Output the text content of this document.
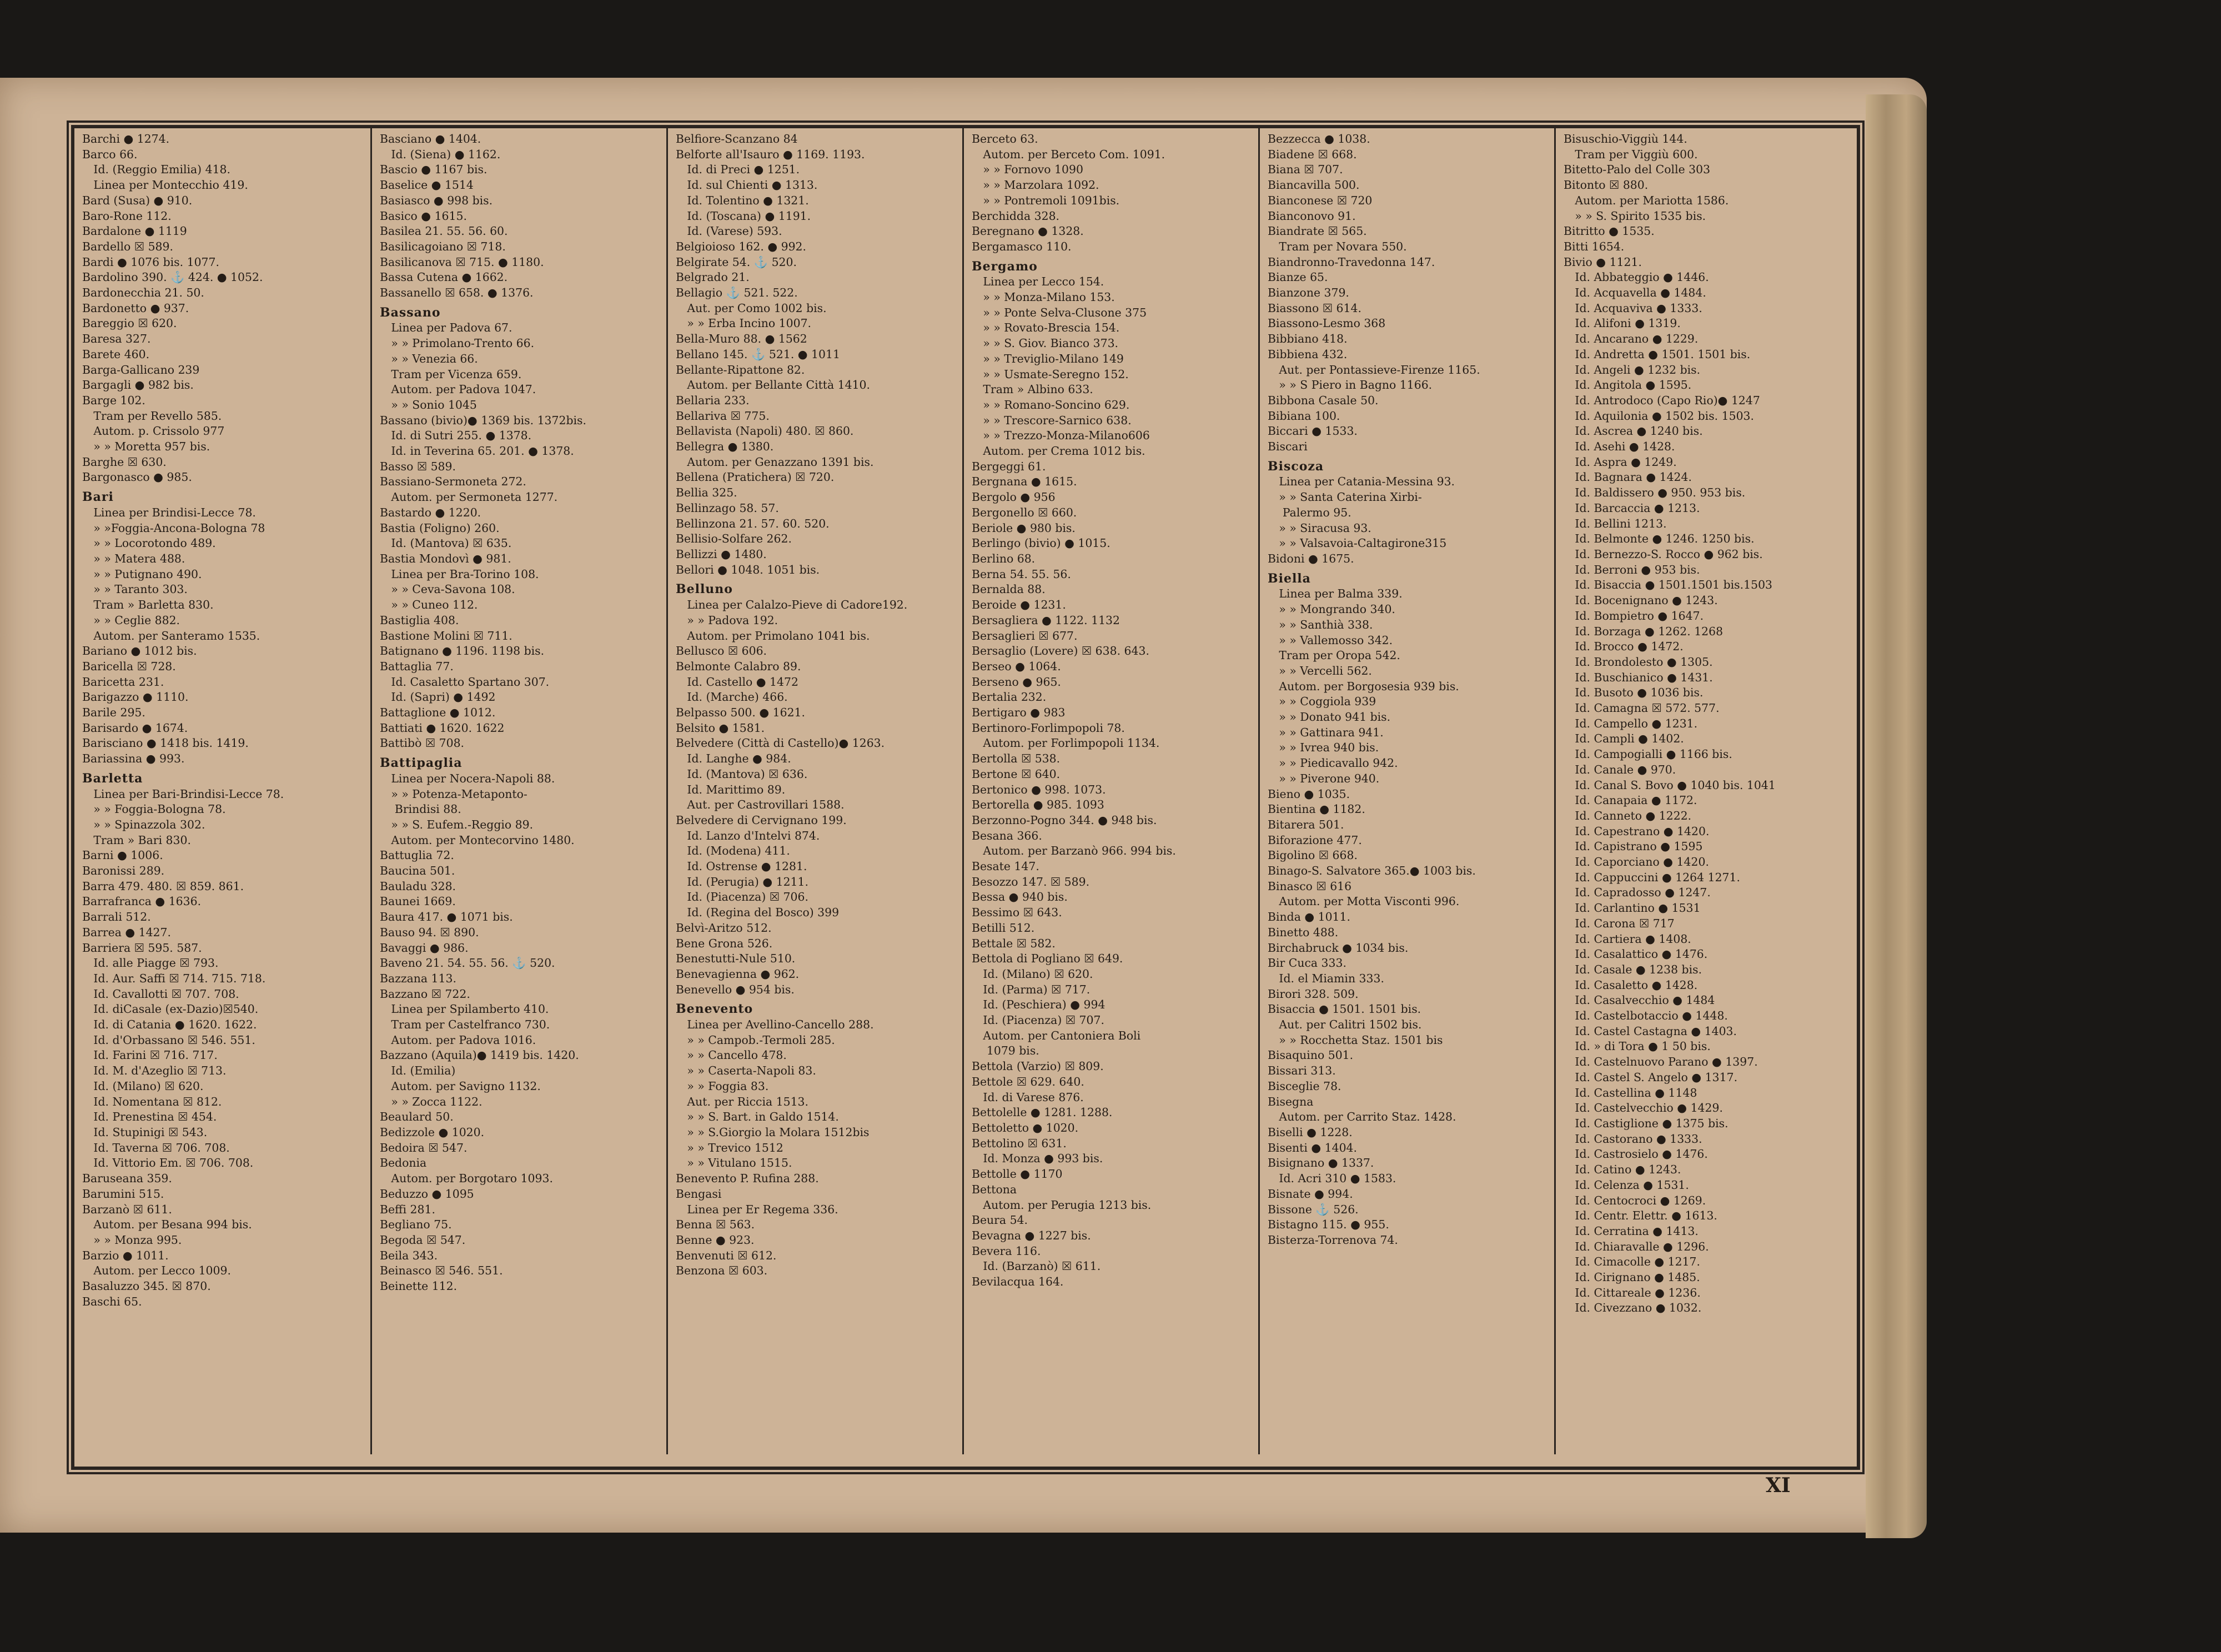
Barchi ● 1274.
Barco 66.
 Id. (Reggio Emilia) 418.
 Linea per Montecchio 419.
Bard (Susa) ● 910.
Baro-Rone 112.
Bardalone ● 1119
Bardello ☒ 589.
Bardi ● 1076 bis. 1077.
Bardolino 390. ⚓ 424. ● 1052.
Bardonecchia 21. 50.
Bardonetto ● 937.
Bareggio ☒ 620.
Baresa 327.
Barete 460.
Barga-Gallicano 239
Bargagli ● 982 bis.
Barge 102.
 Tram per Revello 585.
 Autom. p. Crissolo 977
 » » Moretta 957 bis.
Barghe ☒ 630.
Bargonasco ● 985.
Bari
 Linea per Brindisi-Lecce 78.
 » »Foggia-Ancona-Bologna 78
 » » Locorotondo 489.
 » » Matera 488.
 » » Putignano 490.
 » » Taranto 303.
 Tram » Barletta 830.
 » » Ceglie 882.
 Autom. per Santeramo 1535.
Bariano ● 1012 bis.
Baricella ☒ 728.
Baricetta 231.
Barigazzo ● 1110.
Barile 295.
Barisardo ● 1674.
Barisciano ● 1418 bis. 1419.
Bariassina ● 993.
Barletta
 Linea per Bari-Brindisi-Lecce 78.
 » » Foggia-Bologna 78.
 » » Spinazzola 302.
 Tram » Bari 830.
Barni ● 1006.
Baronissi 289.
Barra 479. 480. ☒ 859. 861.
Barrafranca ● 1636.
Barrali 512.
Barrea ● 1427.
Barriera ☒ 595. 587.
 Id. alle Piagge ☒ 793.
 Id. Aur. Saffi ☒ 714. 715. 718.
 Id. Cavallotti ☒ 707. 708.
 Id. diCasale (ex-Dazio)☒540.
 Id. di Catania ● 1620. 1622.
 Id. d'Orbassano ☒ 546. 551.
 Id. Farini ☒ 716. 717.
 Id. M. d'Azeglio ☒ 713.
 Id. (Milano) ☒ 620.
 Id. Nomentana ☒ 812.
 Id. Prenestina ☒ 454.
 Id. Stupinigi ☒ 543.
 Id. Taverna ☒ 706. 708.
 Id. Vittorio Em. ☒ 706. 708.
Baruseana 359.
Barumini 515.
Barzanò ☒ 611.
 Autom. per Besana 994 bis.
 » » Monza 995.
Barzio ● 1011.
 Autom. per Lecco 1009.
Basaluzzo 345. ☒ 870.
Baschi 65.
Basciano ● 1404.
 Id. (Siena) ● 1162.
Bascio ● 1167 bis.
Baselice ● 1514
Basiasco ● 998 bis.
Basico ● 1615.
Basilea 21. 55. 56. 60.
Basilicagoiano ☒ 718.
Basilicanova ☒ 715. ● 1180.
Bassa Cutena ● 1662.
Bassanello ☒ 658. ● 1376.
Bassano
 Linea per Padova 67.
 » » Primolano-Trento 66.
 » » Venezia 66.
 Tram per Vicenza 659.
 Autom. per Padova 1047.
 » » Sonio 1045
Bassano (bivio)● 1369 bis. 1372bis.
 Id. di Sutri 255. ● 1378.
 Id. in Teverina 65. 201. ● 1378.
Basso ☒ 589.
Bassiano-Sermoneta 272.
 Autom. per Sermoneta 1277.
Bastardo ● 1220.
Bastia (Foligno) 260.
 Id. (Mantova) ☒ 635.
Bastia Mondovì ● 981.
 Linea per Bra-Torino 108.
 » » Ceva-Savona 108.
 » » Cuneo 112.
Bastiglia 408.
Bastione Molini ☒ 711.
Batignano ● 1196. 1198 bis.
Battaglia 77.
 Id. Casaletto Spartano 307.
 Id. (Sapri) ● 1492
Battaglione ● 1012.
Battiati ● 1620. 1622
Battibò ☒ 708.
Battipaglia
 Linea per Nocera-Napoli 88.
 » » Potenza-Metaponto-
  Brindisi 88.
 » » S. Eufem.-Reggio 89.
 Autom. per Montecorvino 1480.
Battuglia 72.
Baucina 501.
Bauladu 328.
Baunei 1669.
Baura 417. ● 1071 bis.
Bauso 94. ☒ 890.
Bavaggi ● 986.
Baveno 21. 54. 55. 56. ⚓ 520.
Bazzana 113.
Bazzano ☒ 722.
 Linea per Spilamberto 410.
 Tram per Castelfranco 730.
 Autom. per Padova 1016.
Bazzano (Aquila)● 1419 bis. 1420.
 Id. (Emilia)
 Autom. per Savigno 1132.
 » » Zocca 1122.
Beaulard 50.
Bedizzole ● 1020.
Bedoira ☒ 547.
Bedonia
 Autom. per Borgotaro 1093.
Beduzzo ● 1095
Beffi 281.
Begliano 75.
Begoda ☒ 547.
Beila 343.
Beinasco ☒ 546. 551.
Beinette 112.
Belfiore-Scanzano 84
Belforte all'Isauro ● 1169. 1193.
 Id. di Preci ● 1251.
 Id. sul Chienti ● 1313.
 Id. Tolentino ● 1321.
 Id. (Toscana) ● 1191.
 Id. (Varese) 593.
Belgioioso 162. ● 992.
Belgirate 54. ⚓ 520.
Belgrado 21.
Bellagio ⚓ 521. 522.
 Aut. per Como 1002 bis.
 » » Erba Incino 1007.
Bella-Muro 88. ● 1562
Bellano 145. ⚓ 521. ● 1011
Bellante-Ripattone 82.
 Autom. per Bellante Città 1410.
Bellaria 233.
Bellariva ☒ 775.
Bellavista (Napoli) 480. ☒ 860.
Bellegra ● 1380.
 Autom. per Genazzano 1391 bis.
Bellena (Pratichera) ☒ 720.
Bellia 325.
Bellinzago 58. 57.
Bellinzona 21. 57. 60. 520.
Bellisio-Solfare 262.
Bellizzi ● 1480.
Bellori ● 1048. 1051 bis.
Belluno
 Linea per Calalzo-Pieve di Cadore192.
 » » Padova 192.
 Autom. per Primolano 1041 bis.
Bellusco ☒ 606.
Belmonte Calabro 89.
 Id. Castello ● 1472
 Id. (Marche) 466.
Belpasso 500. ● 1621.
Belsito ● 1581.
Belvedere (Città di Castello)● 1263.
 Id. Langhe ● 984.
 Id. (Mantova) ☒ 636.
 Id. Marittimo 89.
 Aut. per Castrovillari 1588.
Belvedere di Cervignano 199.
 Id. Lanzo d'Intelvi 874.
 Id. (Modena) 411.
 Id. Ostrense ● 1281.
 Id. (Perugia) ● 1211.
 Id. (Piacenza) ☒ 706.
 Id. (Regina del Bosco) 399
Belvì-Aritzo 512.
Bene Grona 526.
Benestutti-Nule 510.
Benevagienna ● 962.
Benevello ● 954 bis.
Benevento
 Linea per Avellino-Cancello 288.
 » » Campob.-Termoli 285.
 » » Cancello 478.
 » » Caserta-Napoli 83.
 » » Foggia 83.
 Aut. per Riccia 1513.
 » » S. Bart. in Galdo 1514.
 » » S.Giorgio la Molara 1512bis
 » » Trevico 1512
 » » Vitulano 1515.
Benevento P. Rufina 288.
Bengasi
 Linea per Er Regema 336.
Benna ☒ 563.
Benne ● 923.
Benvenuti ☒ 612.
Benzona ☒ 603.
Berceto 63.
 Autom. per Berceto Com. 1091.
 » » Fornovo 1090
 » » Marzolara 1092.
 » » Pontremoli 1091bis.
Berchidda 328.
Beregnano ● 1328.
Bergamasco 110.
Bergamo
 Linea per Lecco 154.
 » » Monza-Milano 153.
 » » Ponte Selva-Clusone 375
 » » Rovato-Brescia 154.
 » » S. Giov. Bianco 373.
 » » Treviglio-Milano 149
 » » Usmate-Seregno 152.
 Tram » Albino 633.
 » » Romano-Soncino 629.
 » » Trescore-Sarnico 638.
 » » Trezzo-Monza-Milano606
 Autom. per Crema 1012 bis.
Bergeggi 61.
Bergnana ● 1615.
Bergolo ● 956
Bergonello ☒ 660.
Beriole ● 980 bis.
Berlingo (bivio) ● 1015.
Berlino 68.
Berna 54. 55. 56.
Bernalda 88.
Beroide ● 1231.
Bersagliera ● 1122. 1132
Bersaglieri ☒ 677.
Bersaglio (Lovere) ☒ 638. 643.
Berseo ● 1064.
Berseno ● 965.
Bertalia 232.
Bertigaro ● 983
Bertinoro-Forlimpopoli 78.
 Autom. per Forlimpopoli 1134.
Bertolla ☒ 538.
Bertone ☒ 640.
Bertonico ● 998. 1073.
Bertorella ● 985. 1093
Berzonno-Pogno 344. ● 948 bis.
Besana 366.
 Autom. per Barzanò 966. 994 bis.
Besate 147.
Besozzo 147. ☒ 589.
Bessa ● 940 bis.
Bessimo ☒ 643.
Betilli 512.
Bettale ☒ 582.
Bettola di Pogliano ☒ 649.
 Id. (Milano) ☒ 620.
 Id. (Parma) ☒ 717.
 Id. (Peschiera) ● 994
 Id. (Piacenza) ☒ 707.
 Autom. per Cantoniera Boli
  1079 bis.
Bettola (Varzio) ☒ 809.
Bettole ☒ 629. 640.
 Id. di Varese 876.
Bettolelle ● 1281. 1288.
Bettoletto ● 1020.
Bettolino ☒ 631.
 Id. Monza ● 993 bis.
Bettolle ● 1170
Bettona
 Autom. per Perugia 1213 bis.
Beura 54.
Bevagna ● 1227 bis.
Bevera 116.
 Id. (Barzanò) ☒ 611.
Bevilacqua 164.
Bezzecca ● 1038.
Biadene ☒ 668.
Biana ☒ 707.
Biancavilla 500.
Bianconese ☒ 720
Bianconovo 91.
Biandrate ☒ 565.
 Tram per Novara 550.
Biandronno-Travedonna 147.
Bianze 65.
Bianzone 379.
Biassono ☒ 614.
Biassono-Lesmo 368
Bibbiano 418.
Bibbiena 432.
 Aut. per Pontassieve-Firenze 1165.
 » » S Piero in Bagno 1166.
Bibbona Casale 50.
Bibiana 100.
Biccari ● 1533.
Biscari
Biscoza
 Linea per Catania-Messina 93.
 » » Santa Caterina Xirbi-
  Palermo 95.
 » » Siracusa 93.
 » » Valsavoia-Caltagirone315
Bidoni ● 1675.
Biella
 Linea per Balma 339.
 » » Mongrando 340.
 » » Santhià 338.
 » » Vallemosso 342.
 Tram per Oropa 542.
 » » Vercelli 562.
 Autom. per Borgosesia 939 bis.
 » » Coggiola 939
 » » Donato 941 bis.
 » » Gattinara 941.
 » » Ivrea 940 bis.
 » » Piedicavallo 942.
 » » Piverone 940.
Bieno ● 1035.
Bientina ● 1182.
Bitarera 501.
Biforazione 477.
Bigolino ☒ 668.
Binago-S. Salvatore 365.● 1003 bis.
Binasco ☒ 616
 Autom. per Motta Visconti 996.
Binda ● 1011.
Binetto 488.
Birchabruck ● 1034 bis.
Bir Cuca 333.
 Id. el Miamin 333.
Birori 328. 509.
Bisaccia ● 1501. 1501 bis.
 Aut. per Calitri 1502 bis.
 » » Rocchetta Staz. 1501 bis
Bisaquino 501.
Bissari 313.
Bisceglie 78.
Bisegna
 Autom. per Carrito Staz. 1428.
Biselli ● 1228.
Bisenti ● 1404.
Bisignano ● 1337.
 Id. Acri 310 ● 1583.
Bisnate ● 994.
Bissone ⚓ 526.
Bistagno 115. ● 955.
Bisterza-Torrenova 74.
Bisuschio-Viggiù 144.
 Tram per Viggiù 600.
Bitetto-Palo del Colle 303
Bitonto ☒ 880.
 Autom. per Mariotta 1586.
 » » S. Spirito 1535 bis.
Bitritto ● 1535.
Bitti 1654.
Bivio ● 1121.
 Id. Abbateggio ● 1446.
 Id. Acquavella ● 1484.
 Id. Acquaviva ● 1333.
 Id. Alifoni ● 1319.
 Id. Ancarano ● 1229.
 Id. Andretta ● 1501. 1501 bis.
 Id. Angeli ● 1232 bis.
 Id. Angitola ● 1595.
 Id. Antrodoco (Capo Rio)● 1247
 Id. Aquilonia ● 1502 bis. 1503.
 Id. Ascrea ● 1240 bis.
 Id. Asehi ● 1428.
 Id. Aspra ● 1249.
 Id. Bagnara ● 1424.
 Id. Baldissero ● 950. 953 bis.
 Id. Barcaccia ● 1213.
 Id. Bellini 1213.
 Id. Belmonte ● 1246. 1250 bis.
 Id. Bernezzo-S. Rocco ● 962 bis.
 Id. Berroni ● 953 bis.
 Id. Bisaccia ● 1501.1501 bis.1503
 Id. Bocenignano ● 1243.
 Id. Bompietro ● 1647.
 Id. Borzaga ● 1262. 1268
 Id. Brocco ● 1472.
 Id. Brondolesto ● 1305.
 Id. Buschianico ● 1431.
 Id. Busoto ● 1036 bis.
 Id. Camagna ☒ 572. 577.
 Id. Campello ● 1231.
 Id. Campli ● 1402.
 Id. Campogialli ● 1166 bis.
 Id. Canale ● 970.
 Id. Canal S. Bovo ● 1040 bis. 1041
 Id. Canapaia ● 1172.
 Id. Canneto ● 1222.
 Id. Capestrano ● 1420.
 Id. Capistrano ● 1595
 Id. Caporciano ● 1420.
 Id. Cappuccini ● 1264 1271.
 Id. Capradosso ● 1247.
 Id. Carlantino ● 1531
 Id. Carona ☒ 717
 Id. Cartiera ● 1408.
 Id. Casalattico ● 1476.
 Id. Casale ● 1238 bis.
 Id. Casaletto ● 1428.
 Id. Casalvecchio ● 1484
 Id. Castelbotaccio ● 1448.
 Id. Castel Castagna ● 1403.
 Id. » di Tora ● 1 50 bis.
 Id. Castelnuovo Parano ● 1397.
 Id. Castel S. Angelo ● 1317.
 Id. Castellina ● 1148
 Id. Castelvecchio ● 1429.
 Id. Castiglione ● 1375 bis.
 Id. Castorano ● 1333.
 Id. Castrosielo ● 1476.
 Id. Catino ● 1243.
 Id. Celenza ● 1531.
 Id. Centocroci ● 1269.
 Id. Centr. Elettr. ● 1613.
 Id. Cerratina ● 1413.
 Id. Chiaravalle ● 1296.
 Id. Cimacolle ● 1217.
 Id. Cirignano ● 1485.
 Id. Cittareale ● 1236.
 Id. Civezzano ● 1032.
XI
